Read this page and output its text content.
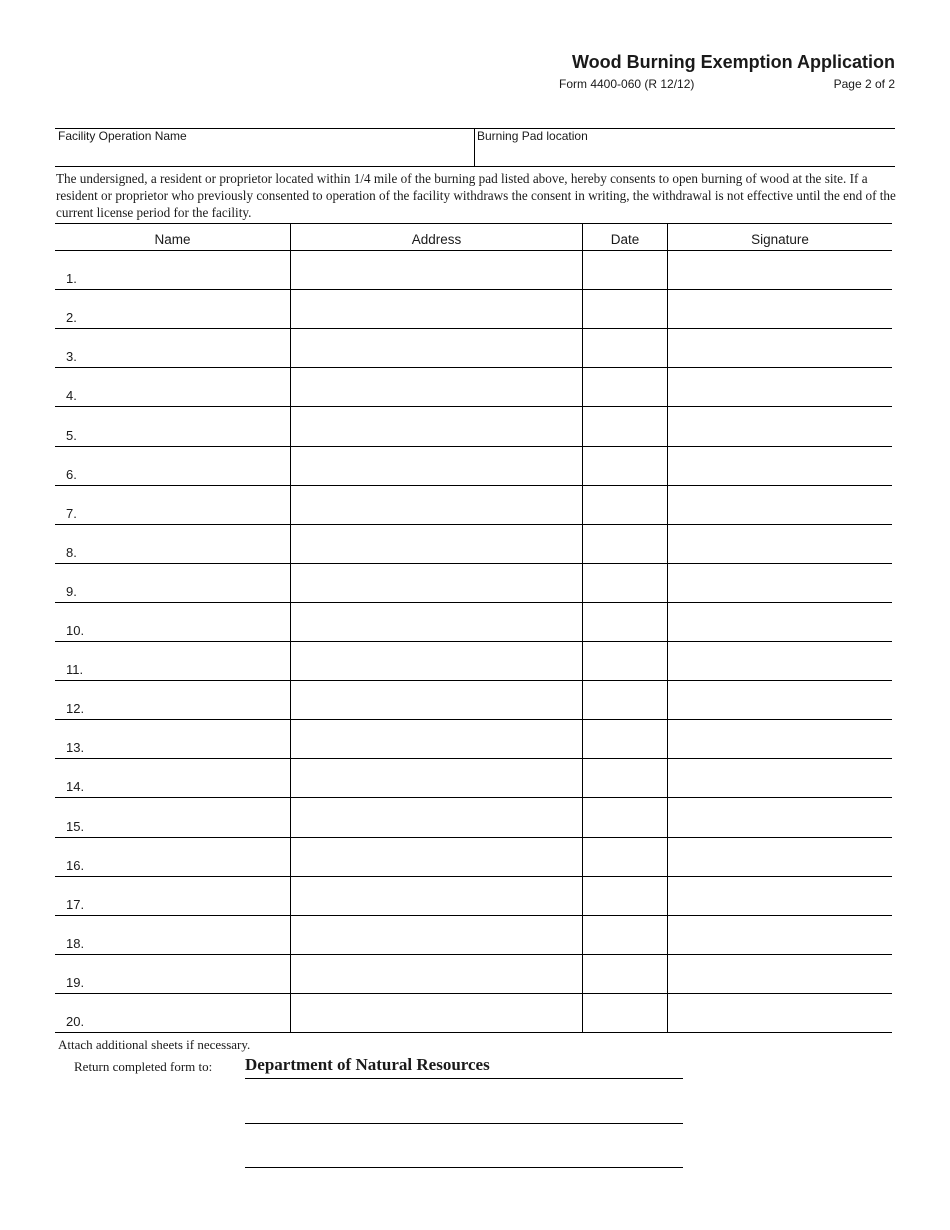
Wood Burning Exemption Application
Form 4400-060 (R 12/12)	Page 2 of 2
Facility Operation Name	Burning Pad location
The undersigned, a resident or proprietor located within 1/4 mile of the burning pad listed above, hereby consents to open burning of wood at the site. If a resident or proprietor who previously consented to operation of the facility withdraws the consent in writing, the withdrawal is not effective until the end of the current license period for the facility.
Name	Address	Date	Signature
1.
2.
3.
4.
5.
6.
7.
8.
9.
10.
11.
12.
13.
14.
15.
16.
17.
18.
19.
20.
Attach additional sheets if necessary.
Return completed form to: Department of Natural Resources
